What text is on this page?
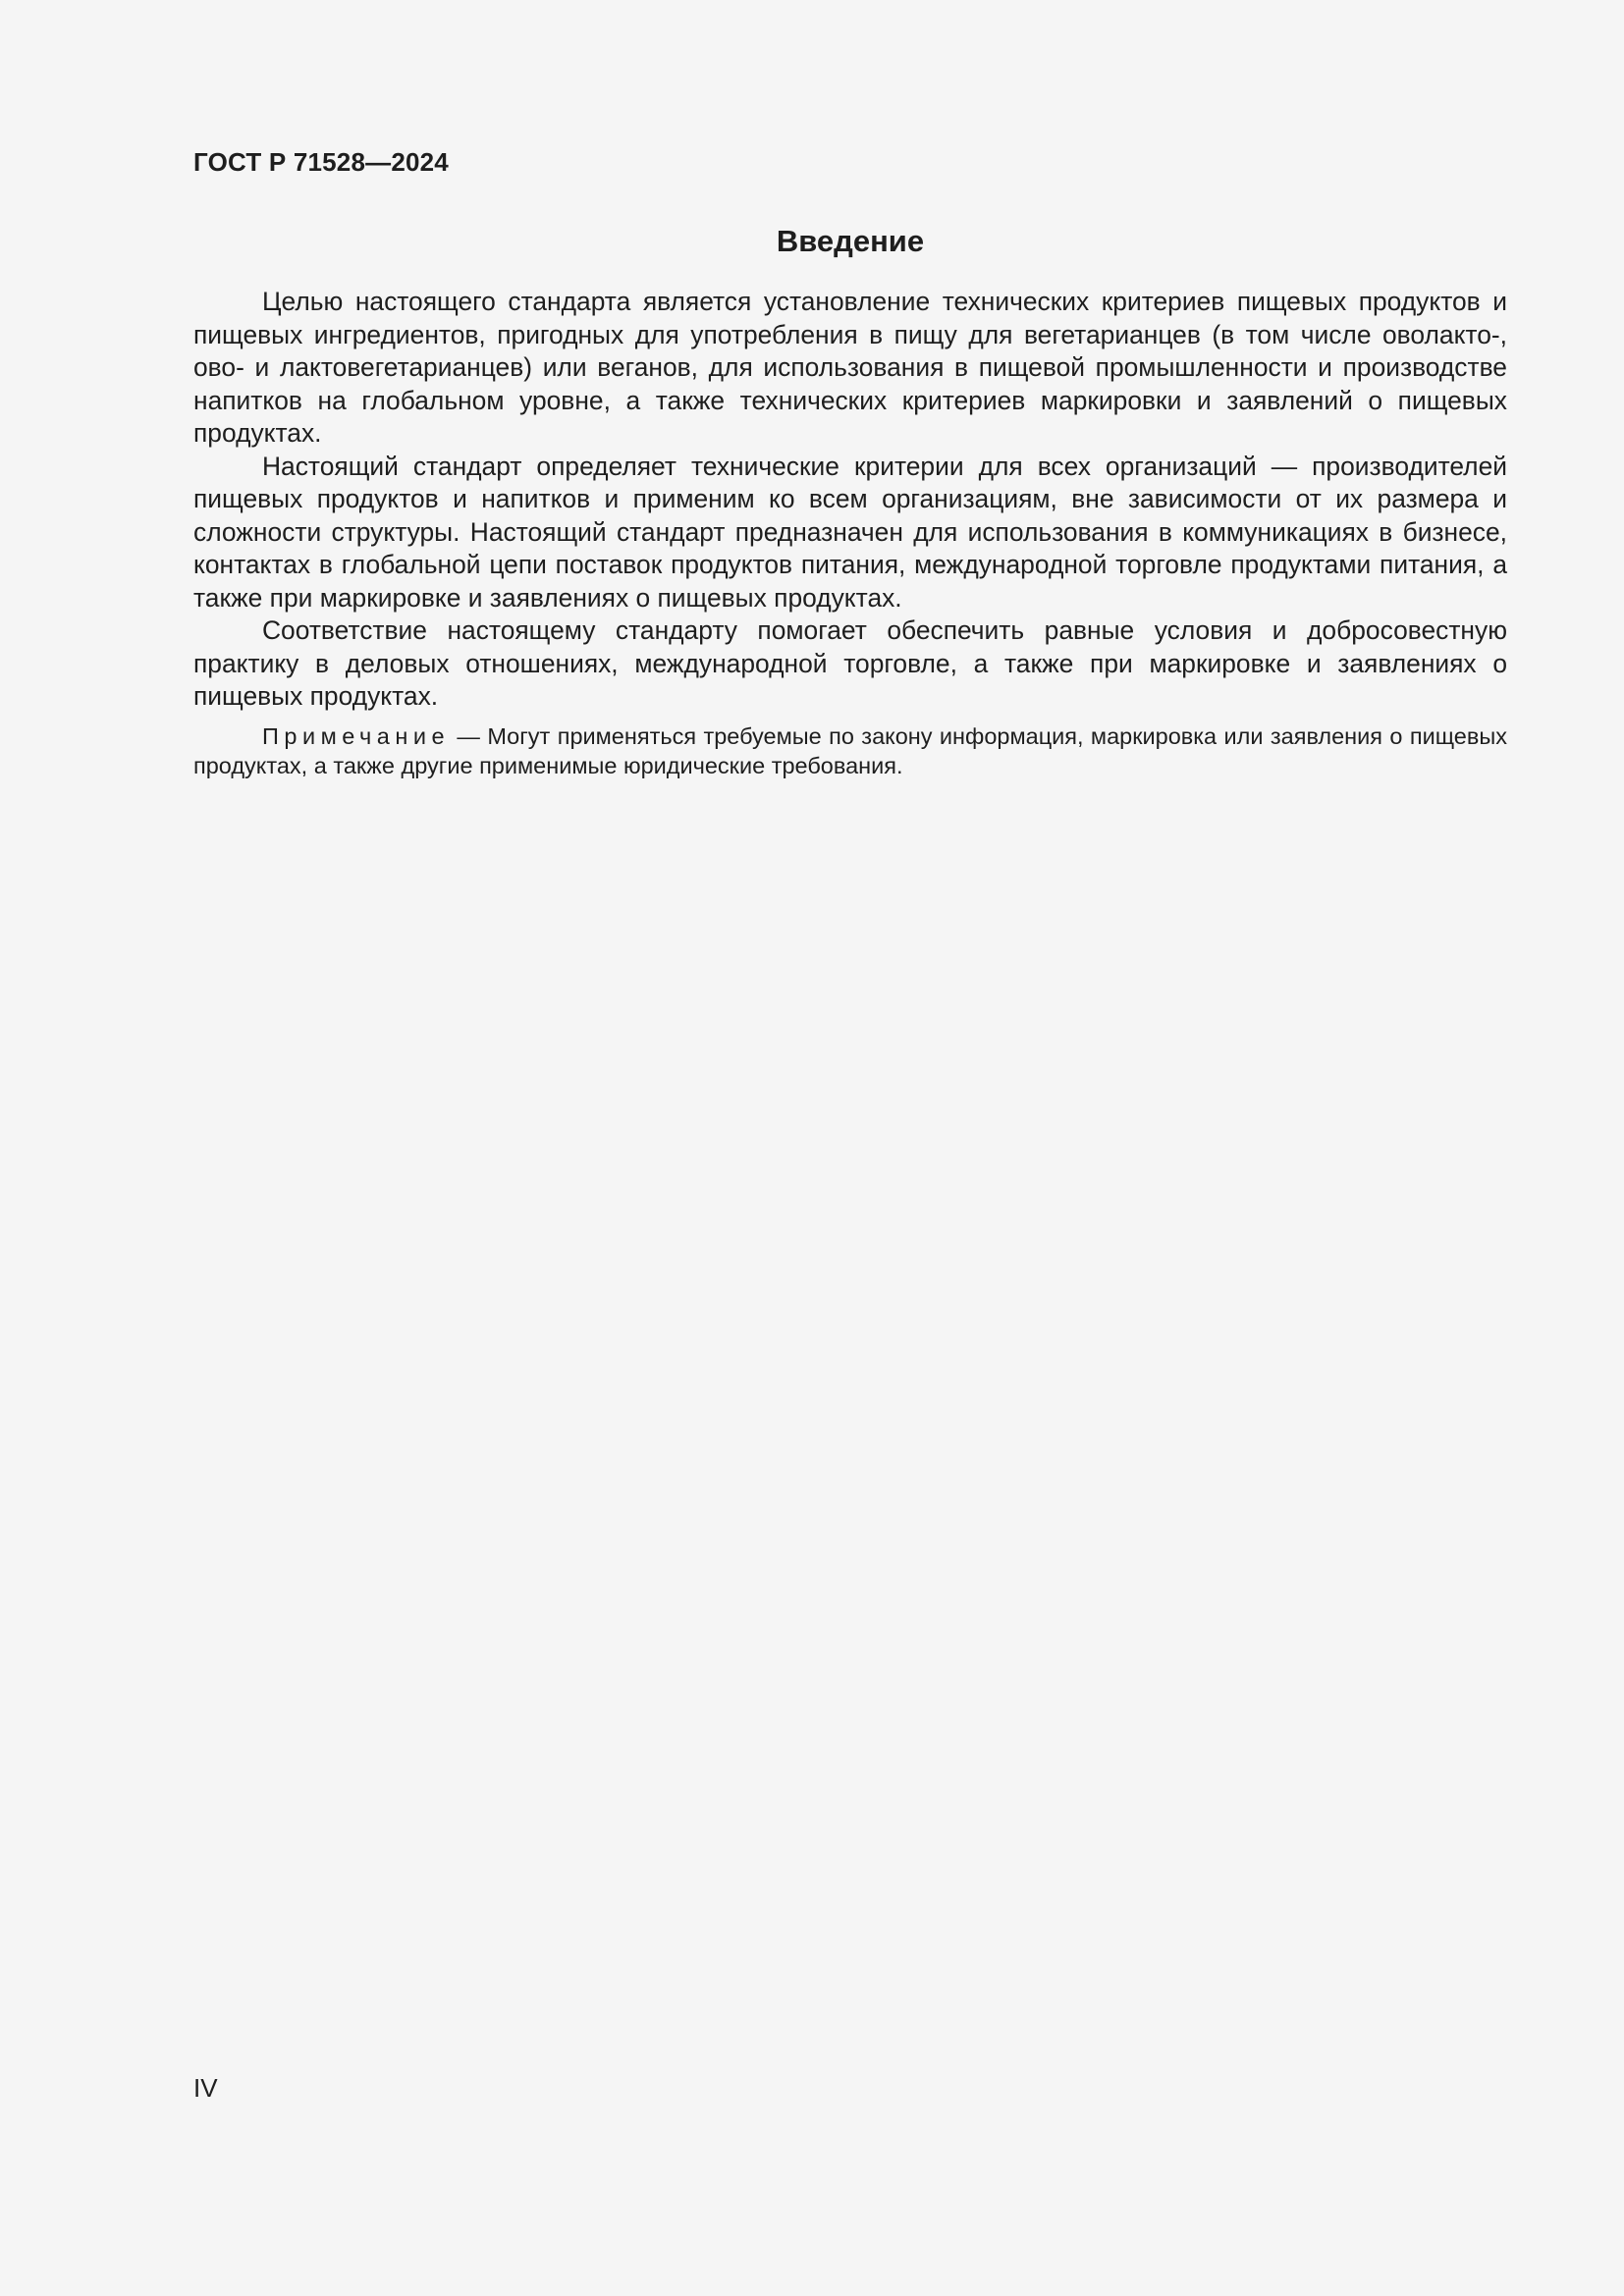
ГОСТ Р 71528—2024
Введение

Целью настоящего стандарта является установление технических критериев пищевых продуктов и пищевых ингредиентов, пригодных для употребления в пищу для вегетарианцев (в том числе оволакто-, ово- и лактовегетарианцев) или веганов, для использования в пищевой промышленности и производстве напитков на глобальном уровне, а также технических критериев маркировки и заявлений о пищевых продуктах.

Настоящий стандарт определяет технические критерии для всех организаций — производителей пищевых продуктов и напитков и применим ко всем организациям, вне зависимости от их размера и сложности структуры. Настоящий стандарт предназначен для использования в коммуникациях в бизнесе, контактах в глобальной цепи поставок продуктов питания, международной торговле продуктами питания, а также при маркировке и заявлениях о пищевых продуктах.

Соответствие настоящему стандарту помогает обеспечить равные условия и добросовестную практику в деловых отношениях, международной торговле, а также при маркировке и заявлениях о пищевых продуктах.

Примечание — Могут применяться требуемые по закону информация, маркировка или заявления о пищевых продуктах, а также другие применимые юридические требования.

IV
